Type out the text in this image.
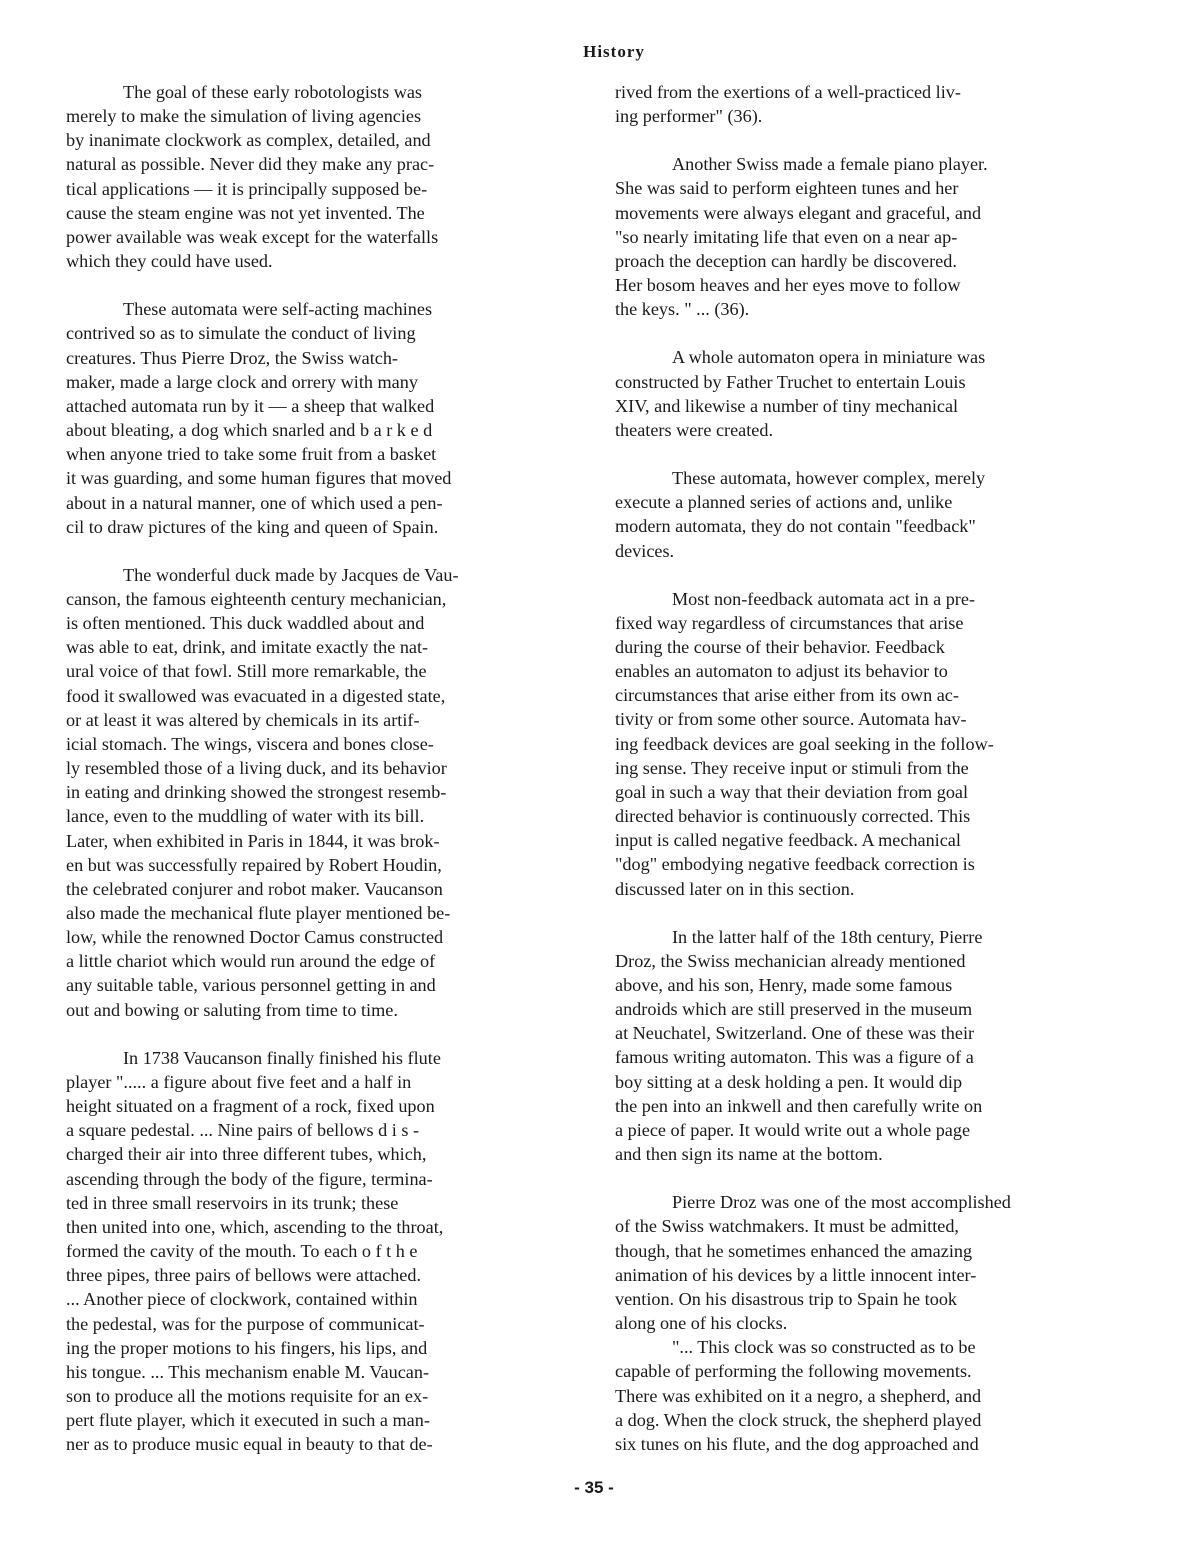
History
The goal of these early robotologists was
merely to make the simulation of living agencies
by inanimate clockwork as complex, detailed, and
natural as possible. Never did they make any prac-
tical applications — it is principally supposed be-
cause the steam engine was not yet invented. The
power available was weak except for the waterfalls
which they could have used.
These automata were self-acting machines
contrived so as to simulate the conduct of living
creatures. Thus Pierre Droz, the Swiss watch-
maker, made a large clock and orrery with many
attached automata run by it — a sheep that walked
about bleating, a dog which snarled and b a r k e d
when anyone tried to take some fruit from a basket
it was guarding, and some human figures that moved
about in a natural manner, one of which used a pen-
cil to draw pictures of the king and queen of Spain.
The wonderful duck made by Jacques de Vau-
canson, the famous eighteenth century mechanician,
is often mentioned. This duck waddled about and
was able to eat, drink, and imitate exactly the nat-
ural voice of that fowl. Still more remarkable, the
food it swallowed was evacuated in a digested state,
or at least it was altered by chemicals in its artif-
icial stomach. The wings, viscera and bones close-
ly resembled those of a living duck, and its behavior
in eating and drinking showed the strongest resemb-
lance, even to the muddling of water with its bill.
Later, when exhibited in Paris in 1844, it was brok-
en but was successfully repaired by Robert Houdin,
the celebrated conjurer and robot maker. Vaucanson
also made the mechanical flute player mentioned be-
low, while the renowned Doctor Camus constructed
a little chariot which would run around the edge of
any suitable table, various personnel getting in and
out and bowing or saluting from time to time.
In 1738 Vaucanson finally finished his flute
player "..... a figure about five feet and a half in
height situated on a fragment of a rock, fixed upon
a square pedestal. ... Nine pairs of bellows d i s -
charged their air into three different tubes, which,
ascending through the body of the figure, termina-
ted in three small reservoirs in its trunk; these
then united into one, which, ascending to the throat,
formed the cavity of the mouth. To each o f t h e
three pipes, three pairs of bellows were attached.
... Another piece of clockwork, contained within
the pedestal, was for the purpose of communicat-
ing the proper motions to his fingers, his lips, and
his tongue. ... This mechanism enable M. Vaucan-
son to produce all the motions requisite for an ex-
pert flute player, which it executed in such a man-
ner as to produce music equal in beauty to that de-
rived from the exertions of a well-practiced liv-
ing performer" (36).
Another Swiss made a female piano player.
She was said to perform eighteen tunes and her
movements were always elegant and graceful, and
"so nearly imitating life that even on a near ap-
proach the deception can hardly be discovered.
Her bosom heaves and her eyes move to follow
the keys. " ... (36).
A whole automaton opera in miniature was
constructed by Father Truchet to entertain Louis
XIV, and likewise a number of tiny mechanical
theaters were created.
These automata, however complex, merely
execute a planned series of actions and, unlike
modern automata, they do not contain "feedback"
devices.
Most non-feedback automata act in a pre-
fixed way regardless of circumstances that arise
during the course of their behavior. Feedback
enables an automaton to adjust its behavior to
circumstances that arise either from its own ac-
tivity or from some other source. Automata hav-
ing feedback devices are goal seeking in the follow-
ing sense. They receive input or stimuli from the
goal in such a way that their deviation from goal
directed behavior is continuously corrected. This
input is called negative feedback. A mechanical
"dog" embodying negative feedback correction is
discussed later on in this section.
In the latter half of the 18th century, Pierre
Droz, the Swiss mechanician already mentioned
above, and his son, Henry, made some famous
androids which are still preserved in the museum
at Neuchatel, Switzerland. One of these was their
famous writing automaton. This was a figure of a
boy sitting at a desk holding a pen. It would dip
the pen into an inkwell and then carefully write on
a piece of paper. It would write out a whole page
and then sign its name at the bottom.
Pierre Droz was one of the most accomplished
of the Swiss watchmakers. It must be admitted,
though, that he sometimes enhanced the amazing
animation of his devices by a little innocent inter-
vention. On his disastrous trip to Spain he took
along one of his clocks.
"... This clock was so constructed as to be
capable of performing the following movements.
There was exhibited on it a negro, a shepherd, and
a dog. When the clock struck, the shepherd played
six tunes on his flute, and the dog approached and
- 35 -
